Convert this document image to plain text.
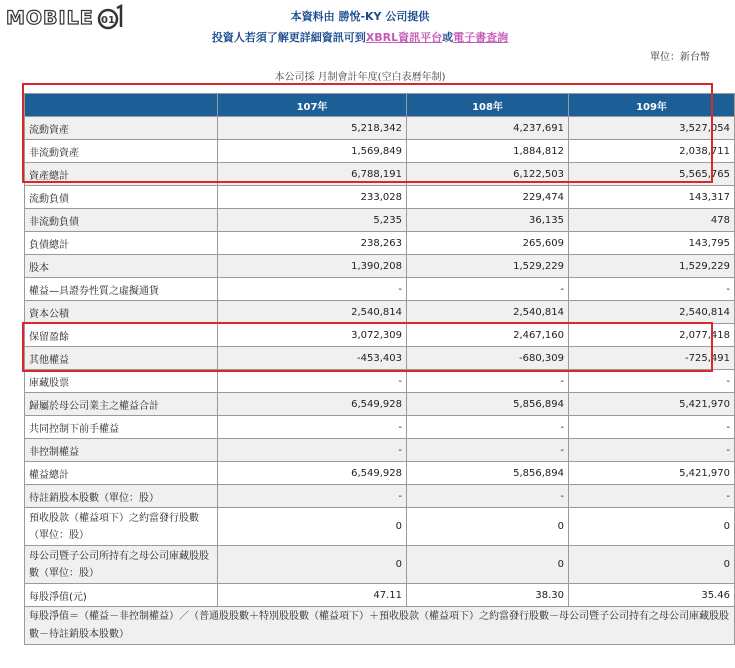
MOBILE 01	本資料由 勝悅-KY 公司提供
投資人若須了解更詳細資訊可到XBRL資訊平台或電子書查詢
單位：新台幣
本公司採 月制會計年度(空白表曆年制)
	107年	108年	109年
流動資產	5,218,342	4,237,691	3,527,054
非流動資產	1,569,849	1,884,812	2,038,711
資產總計	6,788,191	6,122,503	5,565,765
流動負債	233,028	229,474	143,317
非流動負債	5,235	36,135	478
負債總計	238,263	265,609	143,795
股本	1,390,208	1,529,229	1,529,229
權益—具證券性質之虛擬通貨	-	-	-
資本公積	2,540,814	2,540,814	2,540,814
保留盈餘	3,072,309	2,467,160	2,077,418
其他權益	-453,403	-680,309	-725,491
庫藏股票	-	-	-
歸屬於母公司業主之權益合計	6,549,928	5,856,894	5,421,970
共同控制下前手權益	-	-	-
非控制權益	-	-	-
權益總計	6,549,928	5,856,894	5,421,970
待註銷股本股數（單位：股）	-	-	-
預收股款（權益項下）之約當發行股數（單位：股）	0	0	0
母公司暨子公司所持有之母公司庫藏股股數（單位：股）	0	0	0
每股淨值(元)	47.11	38.30	35.46
每股淨值＝（權益－非控制權益）／（普通股股數＋特別股股數（權益項下）＋預收股款（權益項下）之約當發行股數－母公司暨子公司持有之母公司庫藏股股數－待註銷股本股數）			
